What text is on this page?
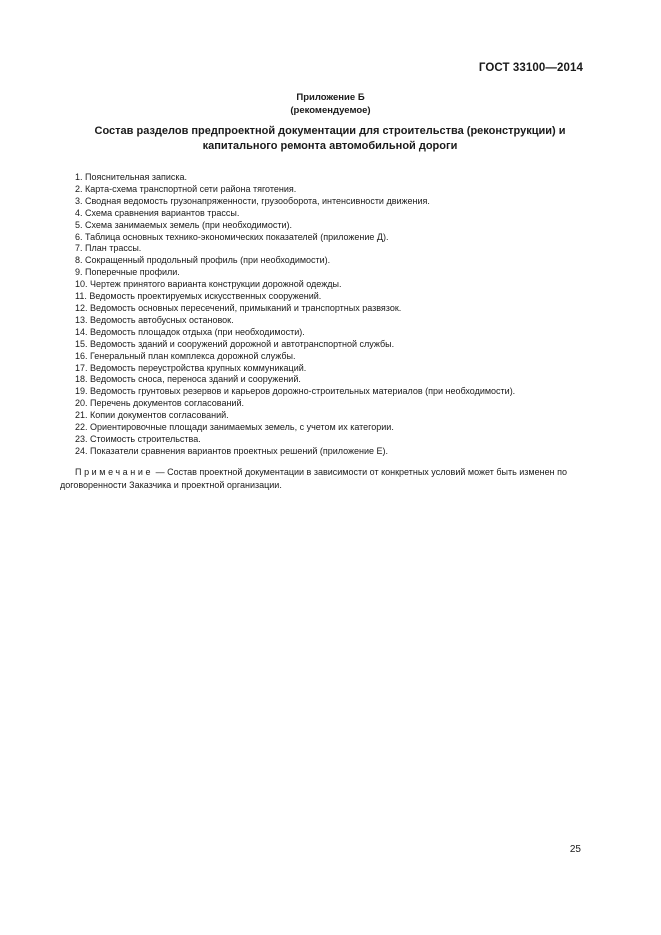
ГОСТ 33100—2014
Приложение Б
(рекомендуемое)
Состав разделов предпроектной документации для строительства (реконструкции) и
капитального ремонта автомобильной дороги
1. Пояснительная записка.
2. Карта-схема транспортной сети района тяготения.
3. Сводная ведомость грузонапряженности, грузооборота, интенсивности движения.
4. Схема сравнения вариантов трассы.
5. Схема занимаемых земель (при необходимости).
6. Таблица основных технико-экономических показателей (приложение Д).
7. План трассы.
8. Сокращенный продольный профиль (при необходимости).
9. Поперечные профили.
10. Чертеж принятого варианта конструкции дорожной одежды.
11. Ведомость проектируемых искусственных сооружений.
12. Ведомость основных пересечений, примыканий и транспортных развязок.
13. Ведомость автобусных остановок.
14. Ведомость площадок отдыха (при необходимости).
15. Ведомость зданий и сооружений дорожной и автотранспортной службы.
16. Генеральный план комплекса дорожной службы.
17. Ведомость переустройства крупных коммуникаций.
18. Ведомость сноса, переноса зданий и сооружений.
19. Ведомость грунтовых резервов и карьеров дорожно-строительных материалов (при необходимости).
20. Перечень документов согласований.
21. Копии документов согласований.
22. Ориентировочные площади занимаемых земель, с учетом их категории.
23. Стоимость строительства.
24. Показатели сравнения вариантов проектных решений (приложение Е).
Примечание — Состав проектной документации в зависимости от конкретных условий может быть изменен по договоренности Заказчика и проектной организации.
25
